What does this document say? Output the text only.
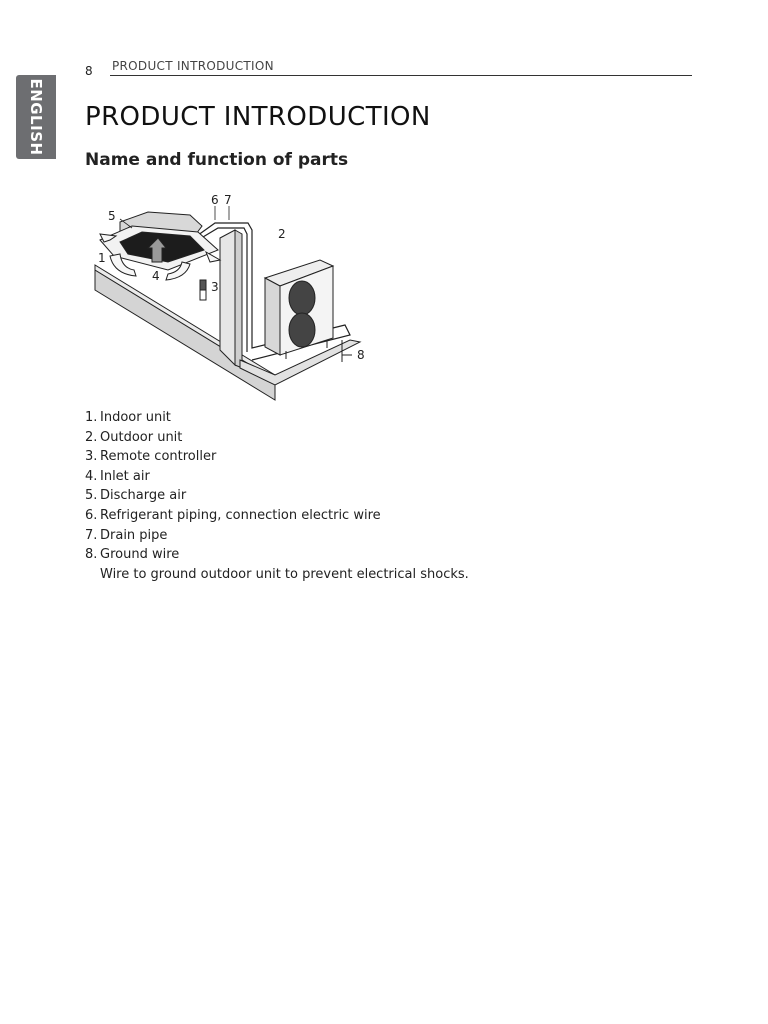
ENGLISH
8 PRODUCT INTRODUCTION
PRODUCT INTRODUCTION
Name and function of parts
1
2
3
4
5
6 7
8
1. Indoor unit
2. Outdoor unit
3. Remote controller
4. Inlet air
5. Discharge air
6. Refrigerant piping, connection electric wire
7. Drain pipe
8. Ground wire
Wire to ground outdoor unit to prevent electrical shocks.
